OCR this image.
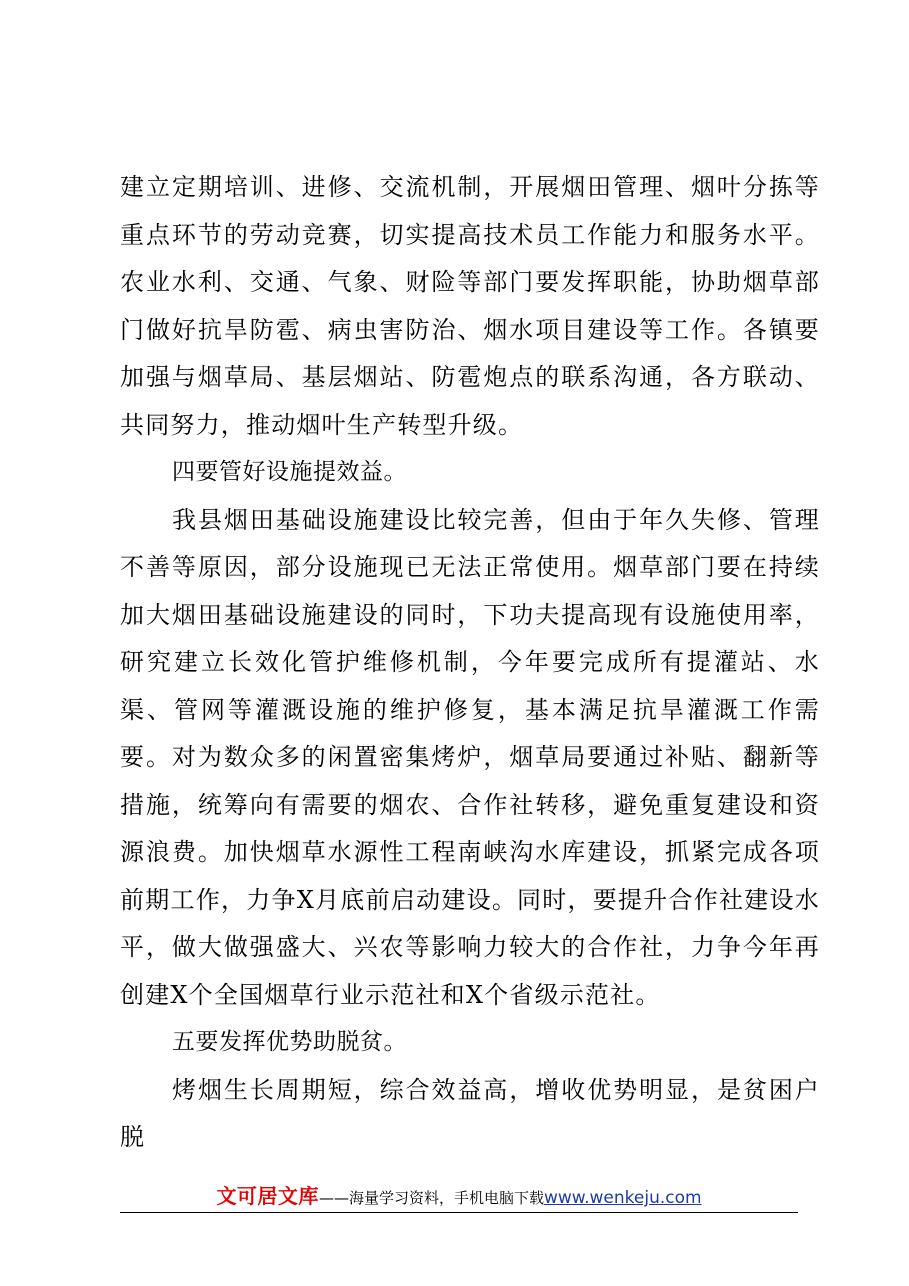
建立定期培训、进修、交流机制，开展烟田管理、烟叶分拣等重点环节的劳动竞赛，切实提高技术员工作能力和服务水平。农业水利、交通、气象、财险等部门要发挥职能，协助烟草部门做好抗旱防雹、病虫害防治、烟水项目建设等工作。各镇要加强与烟草局、基层烟站、防雹炮点的联系沟通，各方联动、共同努力，推动烟叶生产转型升级。

四要管好设施提效益。

我县烟田基础设施建设比较完善，但由于年久失修、管理不善等原因，部分设施现已无法正常使用。烟草部门要在持续加大烟田基础设施建设的同时，下功夫提高现有设施使用率，研究建立长效化管护维修机制，今年要完成所有提灌站、水渠、管网等灌溉设施的维护修复，基本满足抗旱灌溉工作需要。对为数众多的闲置密集烤炉，烟草局要通过补贴、翻新等措施，统筹向有需要的烟农、合作社转移，避免重复建设和资源浪费。加快烟草水源性工程南峡沟水库建设，抓紧完成各项前期工作，力争X月底前启动建设。同时，要提升合作社建设水平，做大做强盛大、兴农等影响力较大的合作社，力争今年再创建X个全国烟草行业示范社和X个省级示范社。

五要发挥优势助脱贫。

烤烟生长周期短，综合效益高，增收优势明显，是贫困户脱

文可居文库——海量学习资料，手机电脑下载www.wenkeju.com
